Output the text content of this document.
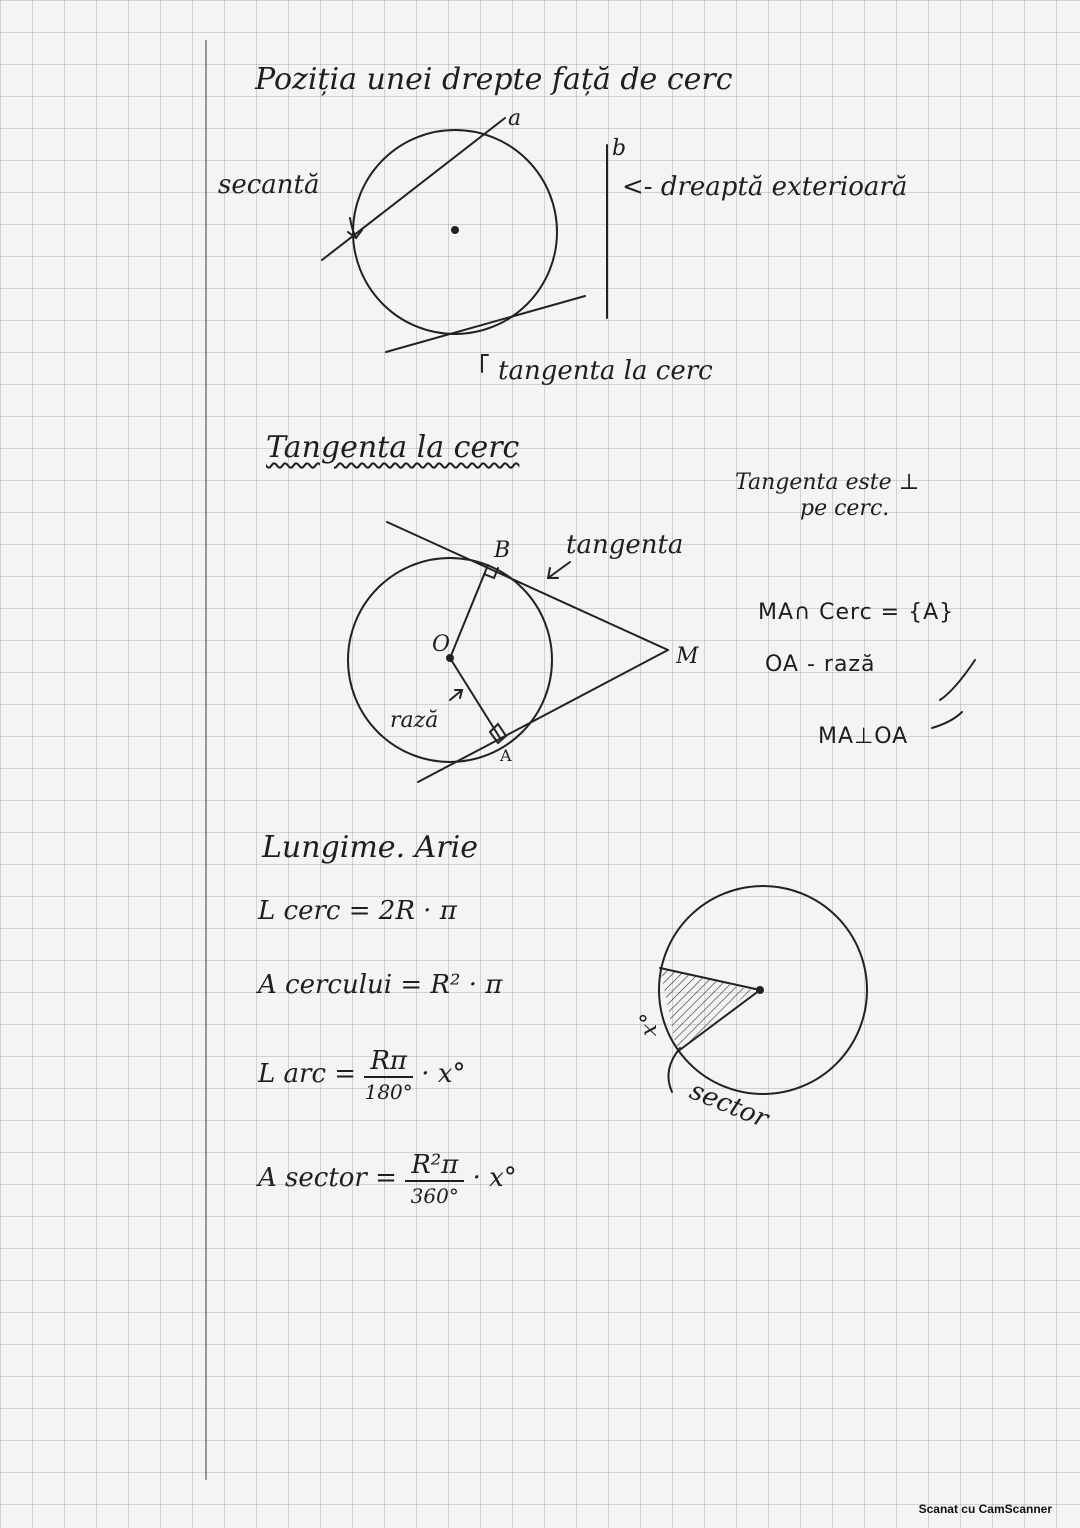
Poziția unei drepte față de cerc
a
b
secantă	<- dreaptă exterioară
tangenta la cerc
Tangenta la cerc
Tangenta este ⊥
pe cerc.
B tangenta
O	M
rază
A
MA∩ Cerc = {A}
OA - rază
MA⊥OA
Lungime. Arie
L cerc = 2R · π
A cercului = R² · π
L arc = $\frac{R\pi}{180^\circ} \cdot x^\circ$
A sector = $\frac{\text{R²π}}{360^\circ} \cdot x^\circ$
x°
sector
Scanat cu CamScanner
